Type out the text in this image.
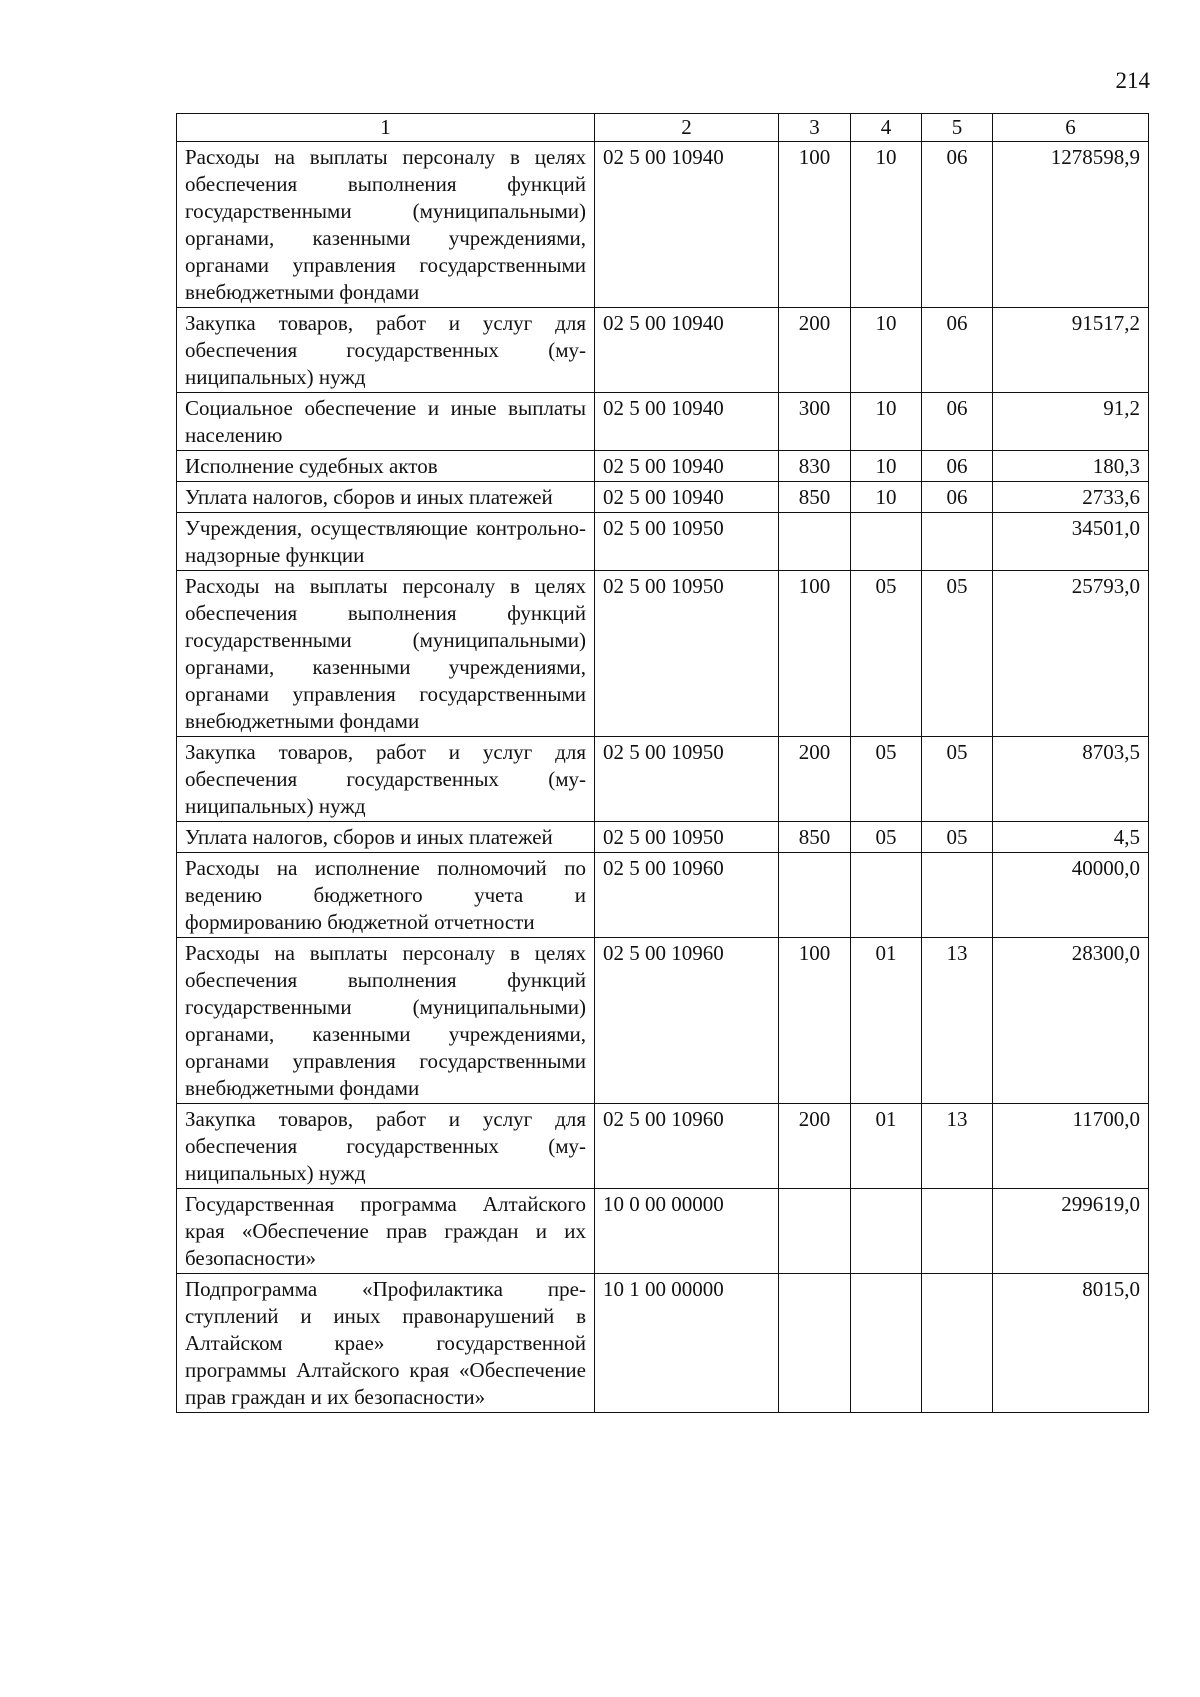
214
1	2	3	4	5	6
Расходы на выплаты персоналу в целях обеспечения выполнения функций государственными (муниципальными) органами, казенными учреждениями, органами управления государственными внебюджетными фондами	02 5 00 10940	100	10	06	1278598,9
Закупка товаров, работ и услуг для обеспечения государственных (муниципальных) нужд	02 5 00 10940	200	10	06	91517,2
Социальное обеспечение и иные выплаты населению	02 5 00 10940	300	10	06	91,2
Исполнение судебных актов	02 5 00 10940	830	10	06	180,3
Уплата налогов, сборов и иных платежей	02 5 00 10940	850	10	06	2733,6
Учреждения, осуществляющие контрольно-надзорные функции	02 5 00 10950				34501,0
Расходы на выплаты персоналу в целях обеспечения выполнения функций государственными (муниципальными) органами, казенными учреждениями, органами управления государственными внебюджетными фондами	02 5 00 10950	100	05	05	25793,0
Закупка товаров, работ и услуг для обеспечения государственных (муниципальных) нужд	02 5 00 10950	200	05	05	8703,5
Уплата налогов, сборов и иных платежей	02 5 00 10950	850	05	05	4,5
Расходы на исполнение полномочий по ведению бюджетного учета и формированию бюджетной отчетности	02 5 00 10960				40000,0
Расходы на выплаты персоналу в целях обеспечения выполнения функций государственными (муниципальными) органами, казенными учреждениями, органами управления государственными внебюджетными фондами	02 5 00 10960	100	01	13	28300,0
Закупка товаров, работ и услуг для обеспечения государственных (муниципальных) нужд	02 5 00 10960	200	01	13	11700,0
Государственная программа Алтайского края «Обеспечение прав граждан и их безопасности»	10 0 00 00000				299619,0
Подпрограмма «Профилактика преступлений и иных правонарушений в Алтайском крае» государственной программы Алтайского края «Обеспечение прав граждан и их безопасности»	10 1 00 00000				8015,0
